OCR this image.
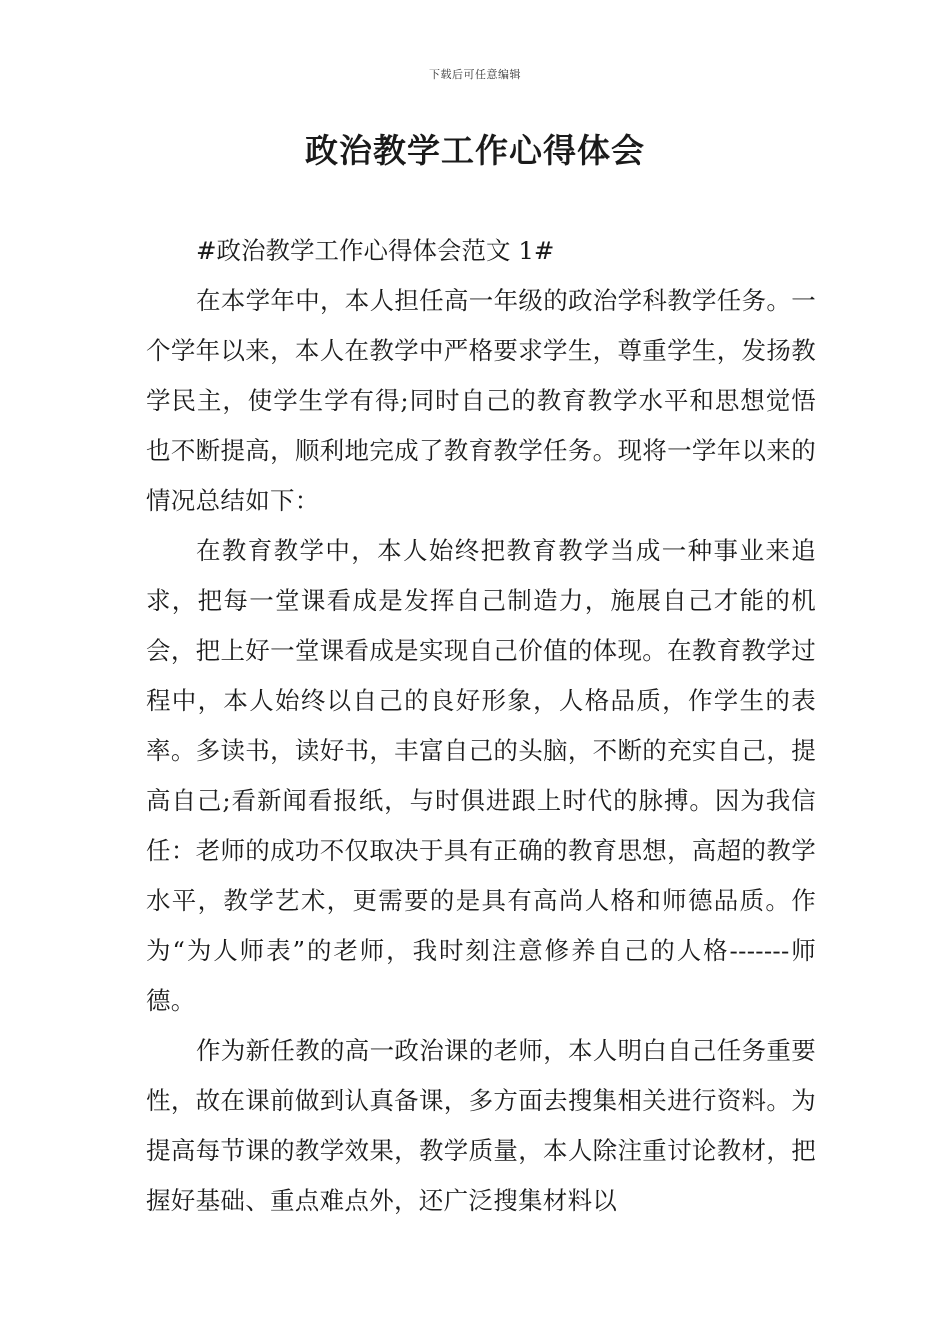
下载后可任意编辑
政治教学工作心得体会
#政治教学工作心得体会范文 1#

在本学年中，本人担任高一年级的政治学科教学任务。一个学年以来，本人在教学中严格要求学生，尊重学生，发扬教学民主，使学生学有得;同时自己的教育教学水平和思想觉悟也不断提高，顺利地完成了教育教学任务。现将一学年以来的情况总结如下：

在教育教学中，本人始终把教育教学当成一种事业来追求，把每一堂课看成是发挥自己制造力，施展自己才能的机会，把上好一堂课看成是实现自己价值的体现。在教育教学过程中，本人始终以自己的良好形象，人格品质，作学生的表率。多读书，读好书，丰富自己的头脑，不断的充实自己，提高自己;看新闻看报纸，与时俱进跟上时代的脉搏。因为我信任：老师的成功不仅取决于具有正确的教育思想，高超的教学水平，教学艺术，更需要的是具有高尚人格和师德品质。作为“为人师表”的老师，我时刻注意修养自己的人格-------师德。

作为新任教的高一政治课的老师，本人明白自己任务重要性，故在课前做到认真备课，多方面去搜集相关进行资料。为提高每节课的教学效果，教学质量，本人除注重讨论教材，把握好基础、重点难点外，还广泛搜集材料以
